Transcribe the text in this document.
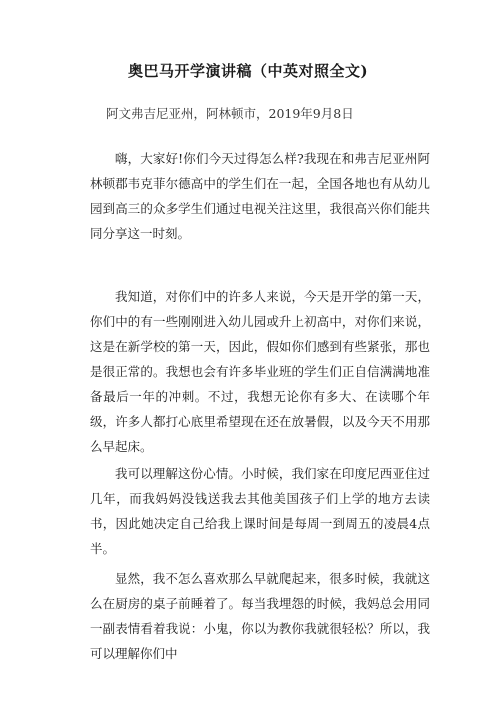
奥巴马开学演讲稿（中英对照全文)
阿文弗吉尼亚州，阿林顿市，2019年9月8日

嗨，大家好!你们今天过得怎么样?我现在和弗吉尼亚州阿林顿郡韦克菲尔德高中的学生们在一起，全国各地也有从幼儿园到高三的众多学生们通过电视关注这里，我很高兴你们能共同分享这一时刻。

我知道，对你们中的许多人来说，今天是开学的第一天，你们中的有一些刚刚进入幼儿园或升上初高中，对你们来说，这是在新学校的第一天，因此，假如你们感到有些紧张，那也是很正常的。我想也会有许多毕业班的学生们正自信满满地准备最后一年的冲刺。不过，我想无论你有多大、在读哪个年级，许多人都打心底里希望现在还在放暑假，以及今天不用那么早起床。

我可以理解这份心情。小时候，我们家在印度尼西亚住过几年，而我妈妈没钱送我去其他美国孩子们上学的地方去读书，因此她决定自己给我上课时间是每周一到周五的凌晨4点半。

显然，我不怎么喜欢那么早就爬起来，很多时候，我就这么在厨房的桌子前睡着了。每当我埋怨的时候，我妈总会用同一副表情看着我说：小鬼，你以为教你我就很轻松？所以，我可以理解你们中
